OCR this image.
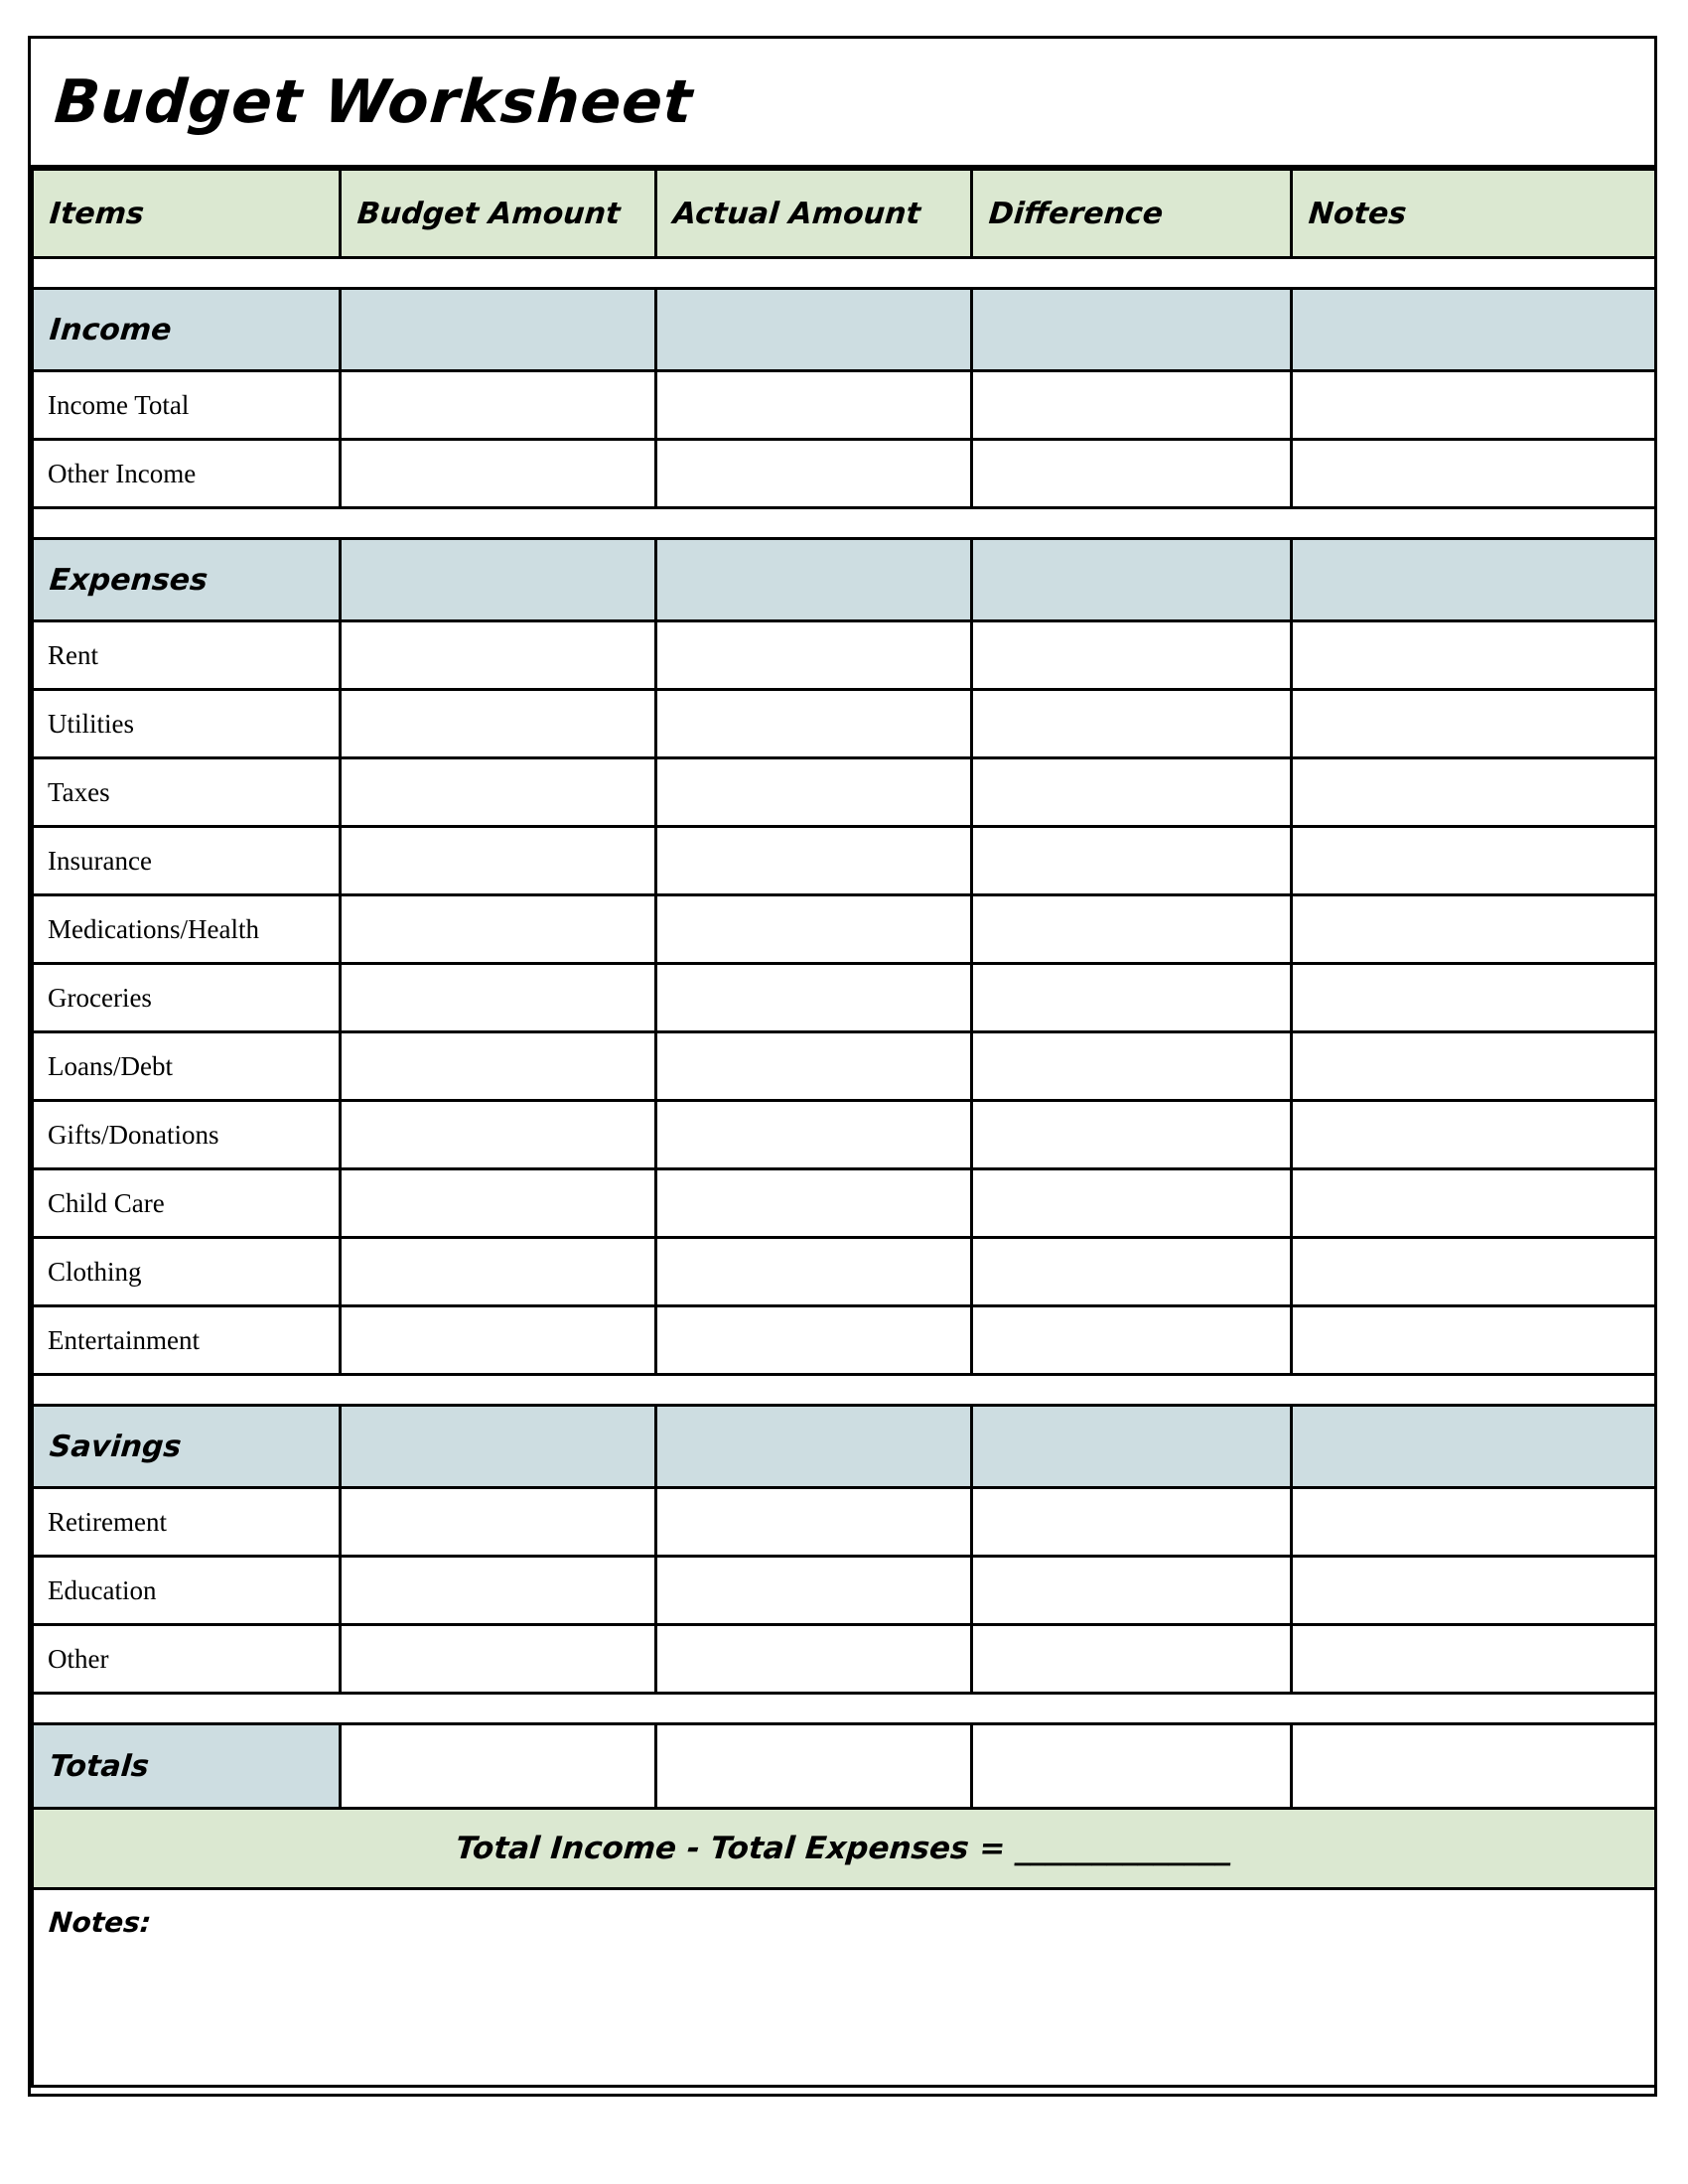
Budget Worksheet
Items	Budget Amount	Actual Amount	Difference	Notes

Income				
Income Total				
Other Income				

Expenses				
Rent				
Utilities				
Taxes				
Insurance				
Medications/Health				
Groceries				
Loans/Debt				
Gifts/Donations				
Child Care				
Clothing				
Entertainment				

Savings				
Retirement				
Education				
Other				

Totals				
Total Income - Total Expenses = ______________				
Notes:				
